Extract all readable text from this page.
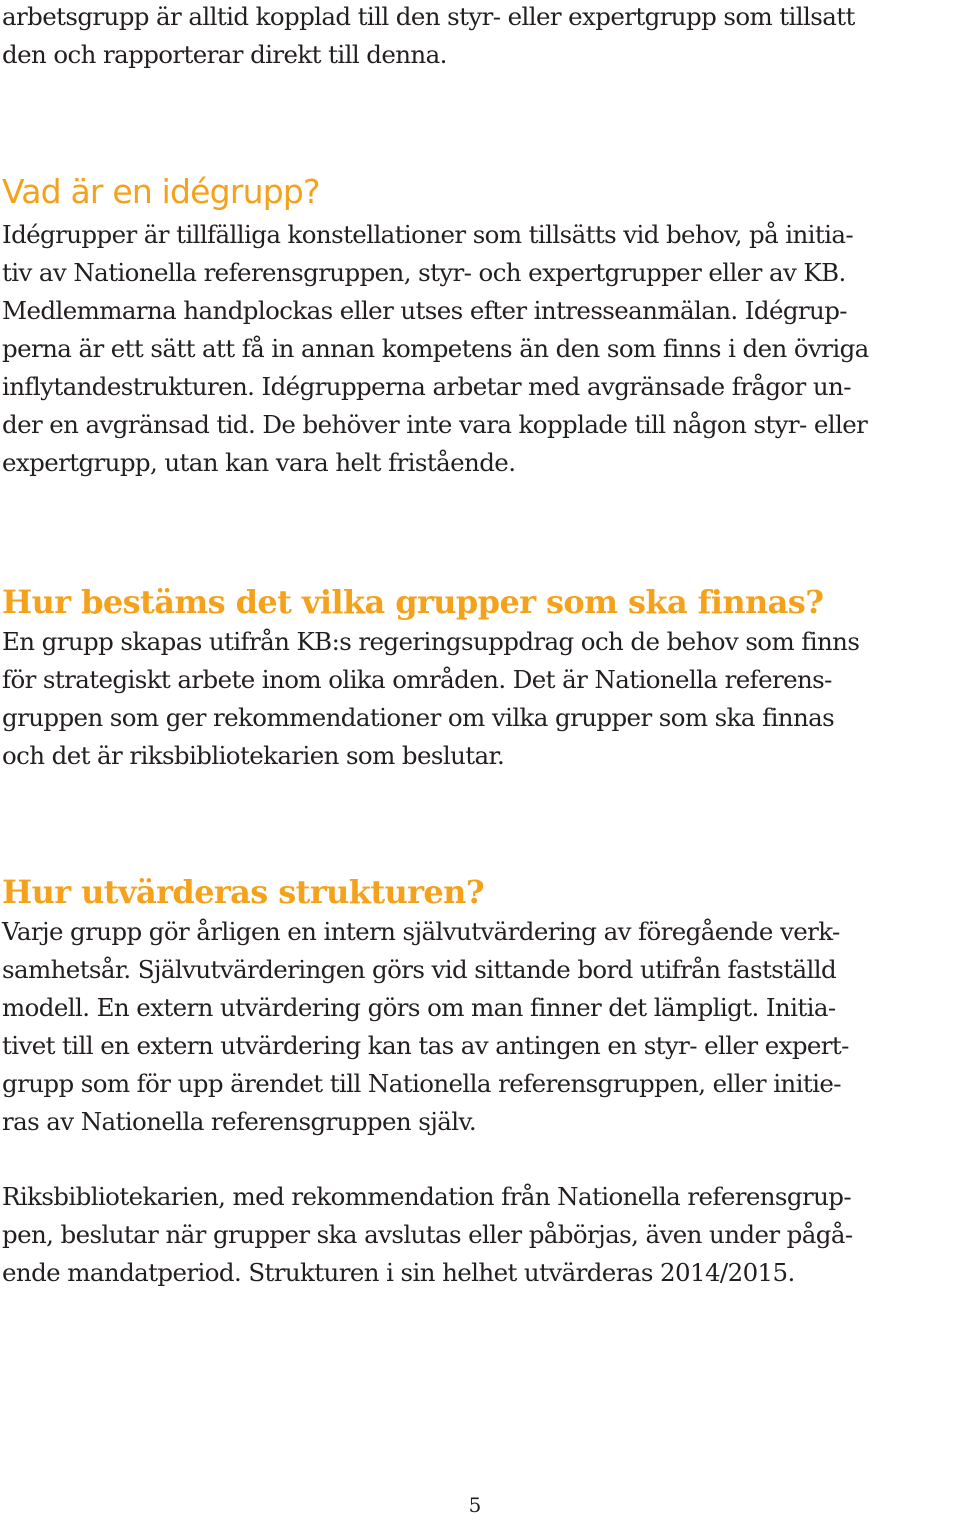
arbetsgrupp är alltid kopplad till den styr- eller expertgrupp som tillsatt
den och rapporterar direkt till denna.
Vad är en idégrupp?
Idégrupper är tillfälliga konstellationer som tillsätts vid behov, på initia-
tiv av Nationella referensgruppen, styr- och expertgrupper eller av KB.
Medlemmarna handplockas eller utses efter intresseanmälan. Idégrup-
perna är ett sätt att få in annan kompetens än den som finns i den övriga
inflytandestrukturen. Idégrupperna arbetar med avgränsade frågor un-
der en avgränsad tid. De behöver inte vara kopplade till någon styr- eller
expertgrupp, utan kan vara helt fristående.
Hur bestäms det vilka grupper som ska finnas?
En grupp skapas utifrån KB:s regeringsuppdrag och de behov som finns
för strategiskt arbete inom olika områden. Det är Nationella referens-
gruppen som ger rekommendationer om vilka grupper som ska finnas
och det är riksbibliotekarien som beslutar.
Hur utvärderas strukturen?
Varje grupp gör årligen en intern självutvärdering av föregående verk-
samhetsår. Självutvärderingen görs vid sittande bord utifrån fastställd
modell. En extern utvärdering görs om man finner det lämpligt. Initia-
tivet till en extern utvärdering kan tas av antingen en styr- eller expert-
grupp som för upp ärendet till Nationella referensgruppen, eller initie-
ras av Nationella referensgruppen själv.
Riksbibliotekarien, med rekommendation från Nationella referensgrup-
pen, beslutar när grupper ska avslutas eller påbörjas, även under pågå-
ende mandatperiod. Strukturen i sin helhet utvärderas 2014/2015.
5
